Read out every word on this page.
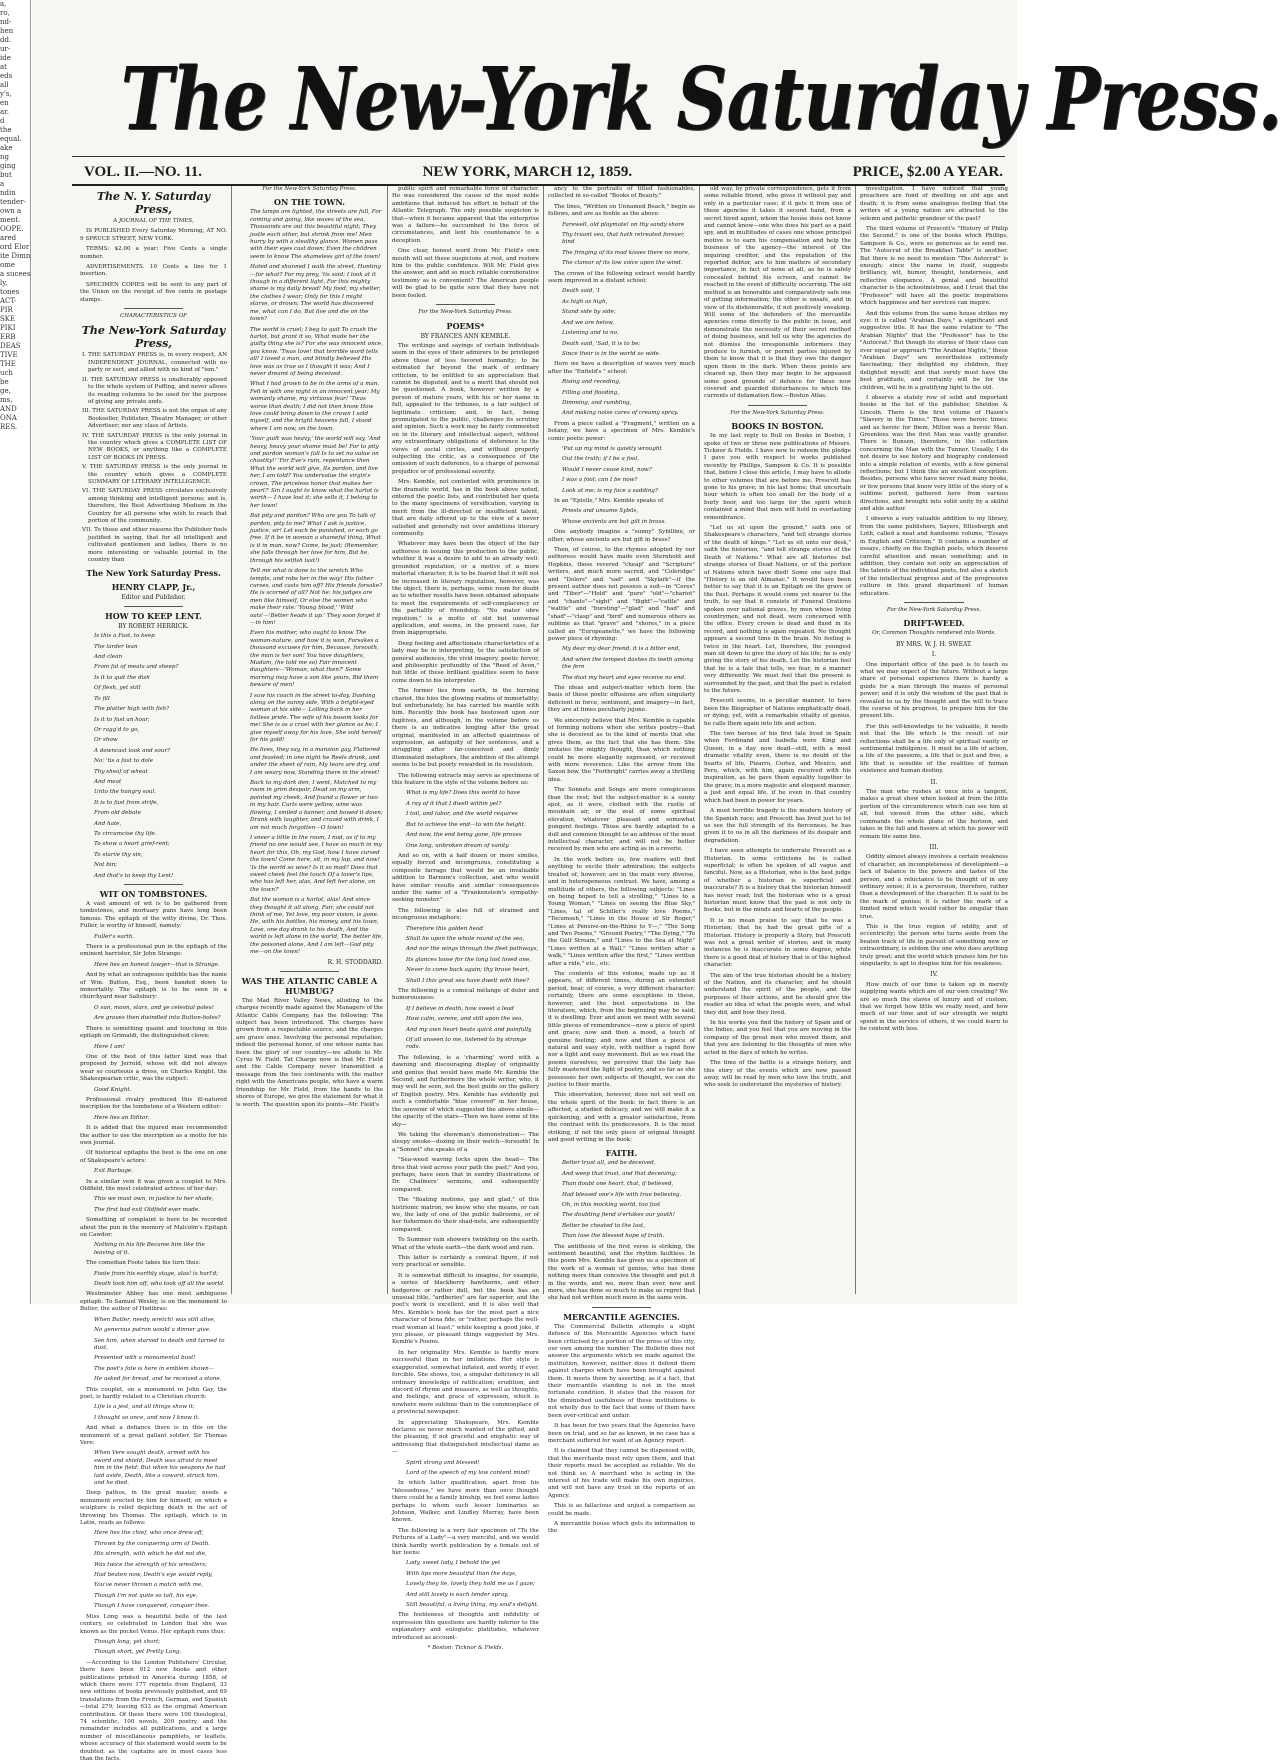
a,
ro,
nd-
hen
dd.
ur-
ide
at
eds
all
y's,
en
ar.
d
the
equal.
ake
ng
ging
but
a
ndin
tender-
own a
ment.
OOPE.
ared
ord Elor
ite Dimn
ome
a sucees
ly,
tones
ACT-
PIR
SKE
PIKI
ERB
DEAS
TIVE
THE
uch
be
ge,
ms,
AND
ONA
RES.
The New-York Saturday Press.
VOL. II.—NO. 11.	NEW YORK, MARCH 12, 1859.	PRICE, $2.00 A YEAR.
The N. Y. Saturday Press,
A JOURNAL OF THE TIMES,

IS PUBLISHED Every Saturday Morning, AT NO. 9 SPRUCE STREET, NEW YORK.

TERMS: $2.00 a year; Five Cents a single number.

ADVERTISEMENTS. 10 Cents a line for 1 insertion.

SPECIMEN COPIES will be sent to any part of the Union on the receipt of five cents in postage stamps.

CHARACTERISTICS OF
The New-York Saturday Press,
I. THE SATURDAY PRESS is, in every respect, AN INDEPENDENT JOURNAL, connected with no party or sect, and allied with no kind of "ism."
II. THE SATURDAY PRESS is unalterably opposed to the whole system of Puffing, and never allows its reading columns to be used for the purpose of giving any private ends.
III. THE SATURDAY PRESS is not the organ of any Bookseller, Publisher, Theatre Manager, or other Advertiser; nor any class of Artists.
IV. THE SATURDAY PRESS is the only journal in the country which gives a COMPLETE LIST OF NEW BOOKS, or anything like a COMPLETE LIST OF BOOKS IN PRESS.
V. THE SATURDAY PRESS is the only journal in the country which gives a COMPLETE SUMMARY OF LITERARY INTELLIGENCE.
VI. THE SATURDAY PRESS circulates exclusively among thinking and intelligent persons; and is, therefore, the Best Advertising Medium in the Country for all persons who wish to reach that portion of the community.
VII. To those and other reasons the Publisher feels justified in saying, that for all intelligent and cultivated gentlemen and ladies, there is no more interesting or valuable journal in the country than
The New York Saturday Press.
HENRY CLAPP, Jr.,
Editor and Publisher.
HOW TO KEEP LENT.
BY ROBERT HERRICK.

Is this a Fast, to keep

The larder lean

And clean

From fat of meats and sheep?

Is it to quit the dish

Of flesh, yet still

To fill

The platter high with fish?

Is it to fast an hour,

Or ragg'd to go,

Or show

A downcast look and sour?

No: 'tis a fast to dole

Thy sheaf of wheat

And meat

Unto the hungry soul.

It is to fast from strife,

From old debate

And hate,

To circumcise thy life.

To show a heart grief-rent;

To starve thy sin,

Not bin;

And that's to keep thy Lent!

WIT ON TOMBSTONES.

A vast amount of wit is to be gathered from tombstones, and mortuary puns have long been famous. The epitaph of the witty divine, Dr. Thos. Fuller, is worthy of himself, namely:

Fuller's earth.

There is a professional pun in the epitaph of the eminent barrister, Sir John Strange:

Here lies an honest lawyer—that is Strange.

And by what an outrageous quibble has the name of Wm. Button, Esq., been handed down to immortality. The epitaph is to be seen in a churchyard near Salisbury:

O sun, moon, stars, and ye celestial poles!

Are graves then dwindled into Button-holes?

There is something quaint and touching in this epitaph on Grimaldi, the distinguished clown:

Here I am!

One of the best of this latter kind was that proposed by Jerrold, whose wit did not always wear so courteous a dress, on Charles Knight, the Shakespearian critic, was the subject:

Good Knight.

Professional rivalry produced this ill-natured inscription for the tombstone of a Western editor:

Here lies an Editor.

It is added that the injured man recommended the author to use the inscription as a motto for his own journal.

Of historical epitaphs the best is the one on one of Shakspeare's actors:

Exit Burbage.

In a similar vein it was given a couplet to Mrs. Oldfield, the most celebrated actress of her day:

This we must own, in justice to her shade,

The first bad exit Oldfield ever made.

Something of complaint is here to be recorded about the pun in the memory of Malcolm's Epitaph on Cawdor:

Nothing in his life Became him like the leaving of it.

The comedian Foote takes his turn thus:

Foote from his earthly stage, alas! is hurl'd;

Death took him off, who took off all the world.

Westminster Abbey has one most ambiguous epitaph. To Samuel Wesley, is on the monument to Butler, the author of Hudibras:

When Butler, needy wretch! was still alive,

No generous patron would a dinner give.

See him, when starved to death and turned to dust,

Presented with a monumental bust!

The poet's fate is here in emblem shown—

He asked for bread, and he received a stone.

This couplet, on a monument in John Gay, the poet, is hardly related to a Christian church:

Life is a jest, and all things show it;

I thought so once, and now I know it.

And what a defiance there is in this on the monument of a great gallant soldier, Sir Thomas Vere:

When Vere sought death, armed with his sword and shield, Death was afraid to meet him in the field: But when his weapons he had laid aside, Death, like a coward, struck him, and he died.

Deep pathos, in the great master, needs a monument erected by him for himself, on which a sculpture is relief depicting death in the act of throwing his Thomas. The epitaph, which is in Latin, reads as follows:

Here lies the chief, who once drew off,

Thrown by the conquering arm of Death.

His strength, with which he did not die,

Was twice the strength of his wrestlers;

Had beaten now, Death's eye would reply,

You've never thrown a match with me,

Though I'm not quite so tall, his eye,

Though I have conquered, conquer thee.

Miss Long was a beautiful belle of the last century, so celebrated in London that she was known as the pocket Venus. Her epitaph runs thus:

Though long, yet short;

Though short, yet Pretty Long.

—According to the London Publishers' Circular, there have been 912 new books and other publications printed in America during 1858, of which there were 177 reprints from England, 33 new editions of books previously published, and 69 translations from the French, German, and Spanish—total 279; leaving 633 as the original American contribution. Of these there were 100 theological, 74 scientific, 100 novels, 200 poetry, and the remainder includes all publications, and a large number of miscellaneous pamphlets, or leaflets, whose accuracy of this statement would seem to be doubted, as the captains are in most cases less than the facts.

For the New-York Saturday Press.
ON THE TOWN.

The lamps are lighted, the streets are full, For coming and going, like waves of the sea, Thousands are out this beautiful night; They jostle each other, but shrink from me! Men hurry by with a stealthy glance, Women pass with their eyes cast down; Even the children seem to know The shameless girl of the town!

Hated and shunned I walk the street, Hunting—for what? For my prey, 'tis said; I look at it though in a different light, For this mighty shame is my daily bread! My food, my shelter, the clothes I wear; Only for this I might starve, or drown; The world has discovered me, what can I do, But live and die on the town?

The world is cruel; I beg to quit To crush the harlot, but grant it so, What made her the guilty thing she is? For she was innocent once, you know. 'Twas love! that terrible word tells all! I loved a man, and blindly believed His love was as true as I thought it was; And I never dreamt of being deceived.

What I had grown to be in the arms of a man, Fell in with one night in an innocent year; My womanly shame, my virtuous fear! 'Twas worse than death; I did not then know How love could bring down to the crown I sold myself, and the bright heavens fall, I stood where I am now, on the town.

'Your guilt was heavy,' the world will say, 'And heavy, heavy your shame must be! For to pity and pardon woman's fall Is to set no value on chastity!' 'For Eve's ruin, repentance then What the world will give, Its pardon, and live her, I am told? You undervalue the virgin's crown, The priceless honor that makes her pearl?' Sin I ought to know what the harlot is worth— I have lost it; she sells it, I belong to her town!

But pity and pardon? Who are you To talk of pardon, pity to me? What I ask is justice, justice, sir! Let each be punished, or each go free. If it be in woman a shameful thing, What is it in man, now? Come, be just; (Remember, she falls through her love for him, But he, through his selfish lust!)

Tell me what is done to the wretch Who tempts, and robs her in the way! His father curses, and casts him off? His friends forsake? He is scorned of all? Not he: his judges are men like himself, Or else the women who make their rule: 'Young blood,' 'Wild oats'—'Better heads it up.' They soon forget it—in him!

Even his mother, who ought to know The woman-nature, and how it is won, Forsakes a thousand excuses for him, Because, forsooth, the man is her son! You have daughters, Madam, (he told me so) Fair innocent daughters—'Woman, what then?' Some morning may have a son like yours, Bid them beware of men!

I saw his coach in the street to-day, Dashing along on the sunny side, With a bright-eyed woman at his side— Lolling back in her listless pride. The wife of his bosom looks for me! She is as a cruel with her glance as he; I give myself away for his love, She sold herself for his gold!

He lives, they say, in a mansion gay, Flattered and feasted; in one night he Reels drunk, and under the sheet of rain, My tears are dry, and I am weary now, Standing there in the street!

Back to my dark den, I went, Matched to my room in grim despair, Dead on my arm, pointed my cheek, And found a flower or two in my hair. Curls were yellow, wine was flowing, I smiled a banner, and bowed it down; Drunk with laughter, and crazed with drink, I am not much forgotten—O town!

I sneer a little in the room, I nod, as if to my friend no one would see, I have so much in my heart for this, Oh, my God, how I have cursed the town! Come here, sit, in my lap, and now! 'Is the world so wise? Is it so mad? Does that sweet cheek feel the touch Of a lover's lips, who has left her, alas, And left her alone, on the town?'

But the woman is a harlot, alas! And since they thought it all along, Fair, she could not think of me, Yet love, my poor vision, is gone. He, with his bottles, his money, and his town, Love, one day drank to his death, And the world is left alone in the world, The better life, the poisoned alone, And I am left—God pity me—on the town!

R. H. STODDARD.
WAS THE ATLANTIC CABLE A HUMBUG?

The Mad River Valley News, alluding to the charges recently made against the Managers of the Atlantic Cable Company, has the following: The subject has been introduced. The charges have grown from a respectable source, and the charges are grave ones. Involving the personal reputation, indeed the personal honor, of one whose name has been the glory of our country—we allude to Mr. Cyrus W. Field. Tat Charge now is that Mr. Field and the Cable Company never transmitted a message from the two continents with the matter right with the Americans people, who have a warm friendship for Mr. Field, from the hands to the shores of Europe, we give the statement for what it is worth. The question upon its points—Mr. Field's

public spirit and remarkable force of character. He was considered the cause of the most noble ambitions that induced his effort in behalf of the Atlantic Telegraph. The only possible suspicion is that—when it became apparent that the enterprise was a failure—he succumbed to the force of circumstances, and lent his countenance to a deception.

One clear, honest word from Mr. Field's own mouth will set these suspicions at rest, and restore him to the public confidence. Will Mr. Field give the answer, and add so much reliable corroborative testimony as is convenient? The American people will be glad to be quite sure that they have not been fooled.

For the New-York Saturday Press.
POEMS*
BY FRANCES ANN KEMBLE.

The writings and sayings of certain individuals seem in the eyes of their admirers to be privileged above those of less favored humanity; to be estimated far beyond the mark of ordinary criticism, to be entitled to an appreciation that cannot be disputed, and to a merit that should not be questioned. A book, however written by a person of mature years, with his or her name in full, appealed to the tribunes, is a fair subject of legitimate criticism; and, in fact, being promulgated to the public, challenges its scrutiny and opinion. Such a work may be fairly commented on in its literary and intellectual aspect, without any extraordinary obligations of deference to the views of social circles, and without properly subjecting the critic, as a consequence of the omission of such deference, to a charge of personal prejudice or of professional severity.

Mrs. Kemble, not contented with prominence in the dramatic world, has in the book above noted, entered the poetic lists, and contributed her quota to the many specimens of versification, varying in merit from the ill-directed or insufficient talent, that are daily offered up to the view of a never satisfied and generally not over ambitious literary community.

Whatever may have been the object of the fair authoress in issuing this production to the public, whether it was a desire to add to an already well-grounded reputation, or a motive of a more material character, it is to be feared that it will not be increased in literary reputation, however, was the object, there is, perhaps, some room for doubt as to whether results have been obtained adequate to meet the requirements of self-complacency or the partiality of friendship. "No mater ubre reputism," is a motto of old but universal application, and seems, in the present case, far from inappropriate.

Deep feeling and affectionate characteristics of a lady may be in interpreting, to the satisfaction of general audiences, the vivid imagery, poetic fervor, and philosophic profundity of the "Reed of Avon," but little of these brilliant qualities seem to have come down to his interpreter.

The former lies from earth, in the burning chariot, the bios the glowing realms of immortality; but unfortunately, he has carried his mantle with him. Recently this book has bestowed upon our fugitives, and although, in the volume before us there is an indicative longing after the great original, manifested in an affected quaintness of expression, an antiquity of her sentences, and a struggling after far-conceived and dimly illuminated metaphors, the ambition of the attempt seems to be but poorly rewarded in its resolution.

The following extracts may serve as specimens of this feature in the style of the volume before us:

What is my life? Does this world to have

A ray of it that I dwell within yet?

I toil, and labor, and the world requires

But to achieve the end—to win the height.

And now, the end being gone, life proves

One long, unbroken dream of vanity.

And so on, with a half dozen or more similes, equally forced and incongruous, constituting a composite farrago that would be an invaluable addition to Barnum's collection, and who would have similar results and similar consequences under the name of a "Frankenstein's sympathy-seeking monster."

The following is also full of strained and incongruous metaphors:

Therefore this golden head

Shall lie upon the whole round of the sea,

And nor the wings through the fleet pathways,

Its glances loose for the long lost loved one,

Never to come back again; thy brave heart,

Shall I this great sea have dwelt with thee?

The following is a comical mélange of dolor and humorousness:

If I believe in death, how sweet a lead

How calm, serene, and still upon the sea,

And my own heart beats quick and painfully,

Of all unseen to me, listened to by strange rods.

The following, is a 'charming' word with a dawning and discouraging display of originality and genius that would have made Mr. Kemble the Second, and furthermore the whole writer, who, it may well be seen, not the best guide on the gallery of English poetry. Mrs. Kemble has evidently put such a comfortable "blue covered" in her house, the souvenir of which suggested the above simile—the opacity of the stars—Then we have some of the sky—

We taking the showman's demonstration— The sleepy smoke—dozing on their watch—forsooth! In a "Sonnet" she speaks of a

"Sea-weed waving locks upon the head— The fires that vied across your path the past;" And you, perhaps, have seen that in sundry illustrations of Dr. Chalmers' sermons, and subsequently compared.

The "floating motions, gay and glad," of this histrionic matron, we know who she means, or can we, the lady of one of the public ballrooms, or of her fishermen do their shad-nets, are subsequently compared.

To Summer rain showers twinkling on the earth. What of the whole earth—the dark wood and rain.

This latter is certainly a comical figure, if not very practical or sensible.

It is somewhat difficult to imagine, for example, a series of blackberry hawthorns, and other hedgerow or rather dull, but the book has an unusual title, "ardberies" are far superior, and the poet's work is excellent, and it is also well that Mrs. Kemble's book has for the most part a nice character of bona fide, or "rather, perhaps the well-read woman at least," while keeping a good joke, if you please, or pleasant things suggested by Mrs. Kemble's Poems.

In her originality Mrs. Kemble is hardly more successful than in her imitations. Her style is exaggerated, somewhat inflated, and wordy, if ever, forcible. She shows, too, a singular deficiency in all ordinary knowledge of ratification; erudition, and discord of rhyme and measure, as well as thoughts, and feelings, and grace of expression, which is nowhere more sublime than in the commonplace of a provincial newspaper.

In appreciating Shakspeare, Mrs. Kemble declares us never much wanted of the gifted, and the pleasing, if not graceful and emphatic way of addressing that distinguished intellectual dame as—

Spirit strong and blessed!

Lord of the speech of my low content mind!

In which latter qualification, apart from his "blessedness," we have more than once thought there could be a family kinship, we feel some ladies perhaps to whom such lesser luminaries as Johnson, Walker, and Lindley Murray, have been known.

The following is a very fair specimen of "To the Pictures of a Lady"—a very merciful, and we would think hardly worth publication by a female out of her teens:

Lady, sweet lady, I behold the yet

With lips more beautiful than the days,

Lovely they lie, lovely they hold me as I gaze;

And still lovely is each tender spray,

Still beautiful, a living thing, my soul's delight.

The feebleness of thoughts and infidelity of expression this questions are hardly inferior to the explanatory and eulogistic platitudes, whatever introduced as account-

* Boston: Ticknor & Fields.

ancy to the portraits of titled fashionables, collected in so-called "Books of Beauty."

The lines, "Written on Unnamed Beach," begin as follows, and are as feeble as the above:

Farewell, old playmate! on thy sandy shore

Thy truant sea, that hath retreated forever, bind

The fringing of its mad kisses there no more,

The clamor of its low voice upon the wind.

The crown of the following extract would hardly seem improved in a distant school:

Death said, 'I

As high as high,

Stand side by side;

And we are below,

Listening and to no,

Death said, 'Sad, it is to be;

Since their is in the world so wide.

Here we have a description of waves very much after the "Enfield's " school:

Rising and receding,

Filling and flooding,

Dimming, and rumbling,

And making noise cares of creamy spray.

From a piece called a "Fragment," written on a botany, we have a specimen of Mrs. Kemble's comic poetic power:

'Put up my mind is quietly wrought

Out the truth; if I be a fool,

Would I never cease kind, now?

I was a fool; can I be now?

Look at me; is my face a sadding?

In an "Epistle," Mrs. Kemble speaks of

Priests and unsame Sybils,

Whose ancients are but gilt in brass.

One anybody imagine a "sunny" Sybilline, or other, whose ancients are but gilt in brass?

Then, of course, to the rhymes adopted by our authoress would have made even Sternhold and Hopkins, those revered "cheap" and "Scripture" writers, and much more sacred, and "Coleridge" and "Dolors" and "sad" and "Skylark"—if the present author does not possess a suit—in "Ceres" and "Tiber"—"Hold" and "pure" "old"—"chariot" and "chants"—"sight" and "flight"—"cattle" and "wattle" and "bursting"—"glad" and "had" and "shad"—"clasp" and "bird" and numerous others as sublime as that "grave" and "shores," in a piece called an "Europeanette," we have the following power piece of rhyming:

My dear my dear friend, it is a bitter end,

And when the tempest dashes its teeth among the fern

The dust my heart and eyes receive no end.

The ideas and subject-matter which form the basis of these poetic effusions are often singularly deficient in force, sentiment, and imagery—in fact, they are at times peculiarly jejune.

We sincerely believe that Mrs. Kemble is capable of forming notions when she writes poetry—that she is deceived as to the kind of merits that she gives them, as the fact that she has them. She imitates the mighty thought, than which nothing could be more elegantly expressed, or received with more reverence. Like the arrow from the Saxon bow, the "Forthright" carries away a thrilling idea.

The Sonnets and Songs are more conspicuous than the rest; but the subject-matter is a sunny spot, as it were, clothed with the rustle of mountain air, or the zeal of some spiritual elevation, whatever pleasant and somewhat pungent feelings. Those are hardly adapted to a dull and common thought to an address of the most intellectual character, and will not be better received by men who are acting as in a reverie.

In the work before us, few readers will find anything to excite their admiration; the subjects treated of, however, are in the main very diverse, and in heterogeneous contrast. We have, among a multitude of others, the following subjects: "Lines on being hoped to tell a strolling," "Lines to a Young Woman," "Lines on seeing the Blue Sky," "Lines, tal of Schiller's really love Poems," "Tecumseh," "Lines in the House of Sir Roger," "Lines at Pensive-on-the-Rhine to Y—," "The Song and Two Poems," "Ground Poetry," "The Dying," "To the Gulf Stream," and "Lines to the Sea at Night" "Lines written at a Wall," "Lines written after a walk," "Lines written after the first," "Lines written after a ride," etc., etc.

The contents of this volume, made up as it appears, of different times, during an extended period, bear, of course, a very different character; certainly, there are some exceptions in these, however, and the best expectations in the literature, which, from the beginning may be said, it is dwelling. Ever and anon we meet with several little pieces of remembrance—now a piece of spirit and grace; now and then a mood, a touch of genuine feeling; and now and then a piece of natural and easy style, with neither a rapid flow nor a light and easy movement. But as we read the poems ourselves, we perceive that the lady has fully mastered the light of poetry, and so far as she possesses her own subjects of thought, we can do justice to their merits.

This observation, however, does not set well on the whole spirit of the book: in fact there is an affected, a studied delicacy, and we will make it a quickening, and with a greater satisfaction, from the contrast with its predecessors. It is the most striking, if not the only piece of original thought and good writing in the book:

FAITH.

Better trust all, and be deceived,

And weep that trust, and that deceiving;

Than doubt one heart, that, if believed,

Had blessed one's life with true believing.

Oh, in this mocking world, too fast

The doubting fiend o'ertakes our youth!

Better be cheated to the last,

Than lose the blessed hope of truth.

The antithesis of the first verse is striking, the sentiment beautiful, and the rhythm faultless. In this poem Mrs. Kemble has given us a specimen of the work of a woman of genius, who has done nothing more than conceive the thought and put it in the words, and we, more than ever, now and more, she has done so much to make us regret that she had not written much more in the same vein.

MERCANTILE AGENCIES.

The Commercial Bulletin attempts a slight defence of the Mercantile Agencies which have been criticised by a portion of the press of this city, our own among the number. The Bulletin does not answer the arguments which we made against the institution, however, neither does it defend them against charges which have been brought against them. It meets them by asserting, as if a fact, that their mercantile standing is not in the most fortunate condition. It states that the reason for the diminished usefulness of these institutions is not wholly due to the fact that some of them have been over-critical and unfair.

It has been for two years that the Agencies have been on trial, and so far as known, in no case has a merchant suffered for want of an Agency report.

It is claimed that they cannot be dispensed with, that the merchants must rely upon them, and that their reports must be accepted as reliable. We do not think so. A merchant who is acting in the interest of his trade will make his own inquiries, and will not have any trust in the reports of an Agency.

This is as fallacious and unjust a comparison as could be made.

A mercantile house which gets its information in the

old way, by private correspondence, gets it from some reliable friend, who gives it without pay and only in a particular case; if it gets it from one of these agencies it takes it second hand, from a secret hired agent, whom the house does not know and cannot know—one who does his part as a paid spy, and in multitudes of cases one whose principal motive is to earn his compensation and help the business of the agency—the interest of the inquiring creditor, and the reputation of the reported debtor, are to him matters of secondary importance, in fact of none at all, as he is safely concealed behind his screen, and cannot be reached in the event of difficulty occurring. The old method is an honorable and comparatively safe one of getting information; the other is unsafe, and in view of its dishonorable, if not positively sneaking. Will some of the defenders of the mercantile agencies come directly to the public in issue, and demonstrate the necessity of their secret method of doing business, and tell us why the agencies do not dismiss the irresponsible informers they produce to furnish, or permit parties injured by them to know that it is that they owe the danger upon them in the dark. When these points are cleared up, then they may begin to be appeased some good grounds of defence for these now covered and guarded disturbances to which the currents of defamation flow.—Boston Atlas.

For the New-York Saturday Press.
BOOKS IN BOSTON.

In my last reply to Bull on Books in Boston, I spoke of two or three new publications of Messrs. Ticknor & Fields. I have now to redeem the pledge I gave you with respect to works published recently by Phillips, Sampson & Co. It is possible that, before I close this article, I may have to allude to other volumes that are before me. Prescott has gone to his grave; in his last home; that uncertain hour which is often too small for the body of a burly boor, and too large for the spirit which contained a mind that men will hold in everlasting remembrance.

"Let us sit upon the ground," saith one of Shakespeare's characters, "and tell strange stories of the death of kings." "Let us sit unto our desk," saith the historian, "and tell strange stories of the Death of Nations." What are all histories but strange stories of Dead Nations, or of the portion of Nations which have died! Some one says that "History is an old Almanac." It would have been better to say that it is an Epitaph on the grave of the Past. Perhaps it would come yet nearer to the truth, to say that it consists of Funeral Orations spoken over national graves, by men whose living countrymen, and not dead, were concerned with the office. Every crown is dead and fixed in its record, and nothing is again repeated. No thought appears a second time in the brain. No feeling is twice in the heart. Let, therefore, the youngest man sit down to give the story of his life; he is only giving the story of his death. Let the historian feel that he is a tale that tells, we fear, in a manner very differently. We must feel that the present is surrounded by the past, and that the past is related to the future.

Prescott seems, in a peculiar manner, to have been the Biographer of Nations emphatically dead, or dying; yet, with a remarkable vitality of genius, he calls them again into life and action.

The two heroes of his first tale lived in Spain when Ferdinand and Isabella were King and Queen, in a day now dead—still, with a most dramatic vitality even, there is no doubt of the hearts of life, Pizarro, Cortez, and Mexico, and Peru, which, with him, again received with his inspiration, as he gave them equality together to the grave; in a more majestic and eloquent manner, a just and equal life, if he even in that country which had been in power for years.

A most terrible tragedy is the modern history of the Spanish race; and Prescott has lived just to let us see the full strength of its fierceness, he has given it to us in all the darkness of its despair and degradation.

I have seen attempts to underrate Prescott as a Historian. In some criticisms he is called superficial; is often he spoken of all vague and fanciful. Now, as a Historian, who is the best judge of whether a historian is superficial and inaccurate? It is a history that the historian himself has never read; but the historian who is a great historian must know that the past is not only in books, but in the minds and hearts of the people.

It is no mean praise to say that he was a Historian; that he had the great gifts of a Historian. History is properly a Story, but Prescott was not a great writer of stories; and in many instances he is inaccurate in some degree, while there is a good deal of history that is of the highest character.

The aim of the true historian should be a history of the Nation, and its character, and he should understand the spirit of the people, and the purposes of their actions, and he should give the reader an idea of what the people were, and what they did, and how they lived.

In his works you find the history of Spain and of the Indies, and you feel that you are moving in the company of the great men who moved them, and that you are listening to the thoughts of men who acted in the days of which he writes.

The time of the battle is a strange history, and this story of the events which are now passed away, will be read by men who love the truth, and who seek to understand the mysteries of history.

investigation. I have noticed that young preachers are fond of dwelling on old age and death; it is from some analogous feeling that the writers of a young nation are attracted to the solemn and pathetic grandeur of the past?

The third volume of Prescott's "History of Philip the Second," is one of the books which Phillips, Sampson & Co., were so generous as to send me. The "Autocrat of the Breakfast Table" is another. But there is no need to mention "The Autocrat" is enough; since the name in itself, suggests brilliancy, wit, humor, thought, tenderness, and reflective eloquence. A genial and beautiful character is the schoolmistress, and I trust that the "Professor" will have all the poetic inspirations which happiness and her services can inspire.

And this volume from the same house strikes my eye: it is called "Arabian Days," a significant and suggestive title. It has the same relation to "The Arabian Nights" that the "Professor" has to the "Autocrat." But though its stories of their class can ever equal or approach "The Arabian Nights," these "Arabian Days" are nevertheless extremely fascinating; they delighted my children, they delighted myself; and that surely must have the best gratitude, and certainly will be for the children, will be in a gratifying light to the old.

I observe a stately row of solid and important books in the list of the publisher, Sheldon & Lincoln. There is the first volume of Hazen's "Slavery in the Times." Those were heroic times; and as heroic for them, Milton was a heroic Man. Greenlees was the first Man was vastly grander. There is Bunsen, therefore, in the collection concerning the Man with the Tunner. Usually, I do not desire to see history and biography condensed into a simple relation of events, with a few general reflections; but I think this an excellent exception. Besides, persons who have never read many books, or few persons that know very little of the story of a sublime period, gathered here from various directions, and brought into solid unity by a skilful and able author.

I observe a very valuable addition to my library, from the same publishers, Sayers, Ittlesburgh and Loth, called a neat and handsome volume, "Essays in English and Criticism." It contains a number of essays, chiefly on the English poets, which deserve careful attention and mean something; and in addition, they contain not only an appreciation of the talents of the individual poets, but also a sketch of the intellectual progress and of the progressive culture in this grand department of human education.

For the New-York Saturday Press.
DRIFT-WEED.
Or, Common Thoughts rendered into Words.
BY MRS. W. J. H. SWEAT.
I.

One important office of the past is to teach us what we may expect of the future. Without a large share of personal experience there is hardly a guide for a man through the mazes of personal power; and it is only the wisdom of the past that is revealed to us by the thought and the will to trace the course of his progress, to prepare him for the present life.

For this self-knowledge to be valuable, it needs not that the life which is the result of our reflections shall be a life only of spiritual vanity or sentimental indulgence. It must be a life of action, a life of the passions, a life that is just and free, a life that is sensible of the realities of human existence and human destiny.

II.

The man who rushes at once into a tangent, makes a great show when looked at from the little portion of the circumference which can see him at all, but viewed from the other side, which commands the whole plane of the horizon, and takes in the fall and fissure at which his power will remain the same line.

III.

Oddity almost always involves a certain weakness of character, an incompleteness of development—a lack of balance in the powers and tastes of the person, and a reluctance to be thought of in any ordinary sense; it is a perversion, therefore, rather than a development of the character. It is said to be the mark of genius; it is rather the mark of a limited mind which would rather be singular than true.

This is the true region of oddity, and of eccentricity; the person who turns aside from the beaten track of life in pursuit of something new or extraordinary, is seldom the one who does anything truly great; and the world which praises him for his singularity, is apt to despise him for his weakness.

IV.

How much of our time is taken up in merely supplying wants which are of our own creating? We are so much the slaves of luxury and of custom, that we forget how little we really need, and how much of our time and of our strength we might spend in the service of others, if we could learn to be content with less.
